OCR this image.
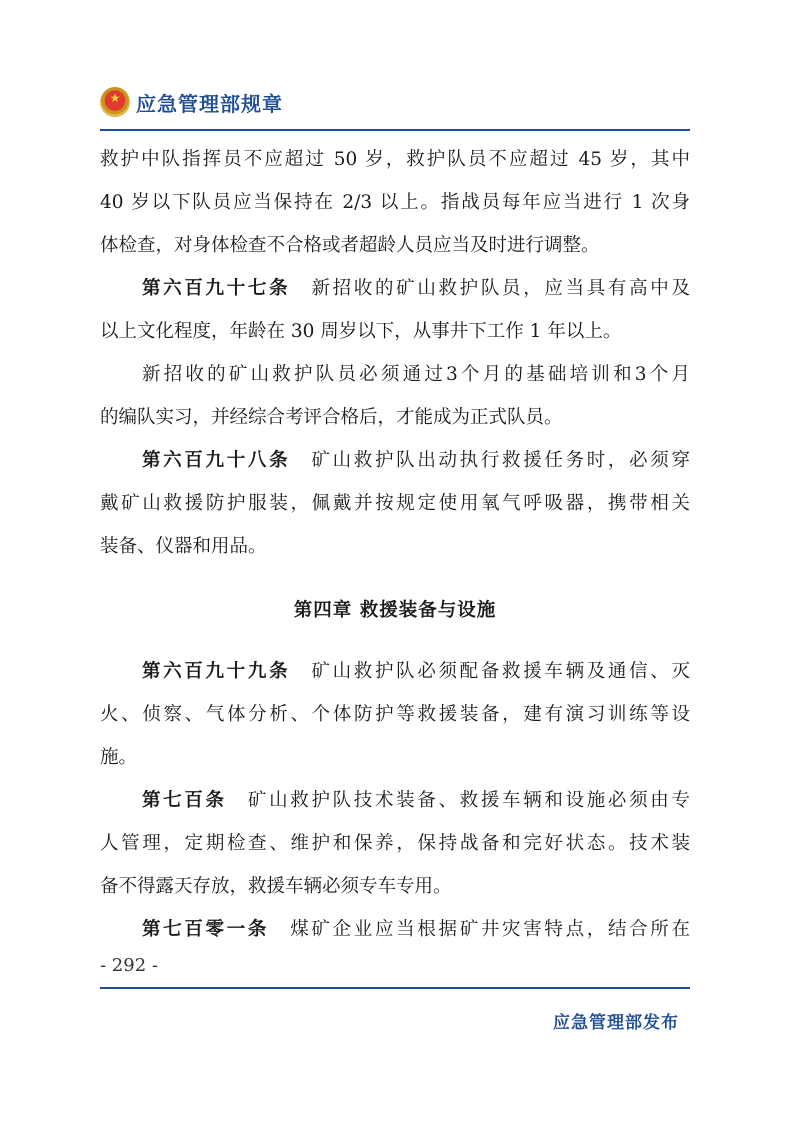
★
应急管理部规章
救护中队指挥员不应超过 50 岁，救护队员不应超过 45 岁，其中
40 岁以下队员应当保持在 2/3 以上。指战员每年应当进行 1 次身
体检查，对身体检查不合格或者超龄人员应当及时进行调整。
第六百九十七条　 新招收的矿山救护队员，应当具有高中及
以上文化程度，年龄在 30 周岁以下，从事井下工作 1 年以上。
新招收的矿山救护队员必须通过3个月的基础培训和3个月
的编队实习，并经综合考评合格后，才能成为正式队员。
第六百九十八条　 矿山救护队出动执行救援任务时，必须穿
戴矿山救援防护服装，佩戴并按规定使用氧气呼吸器，携带相关
装备、仪器和用品。
第四章 救援装备与设施
第六百九十九条　 矿山救护队必须配备救援车辆及通信、灭
火、侦察、气体分析、个体防护等救援装备，建有演习训练等设
施。
第七百条　 矿山救护队技术装备、救援车辆和设施必须由专
人管理，定期检查、维护和保养，保持战备和完好状态。技术装
备不得露天存放，救援车辆必须专车专用。
第七百零一条　 煤矿企业应当根据矿井灾害特点，结合所在
- 292 -
应急管理部发布
